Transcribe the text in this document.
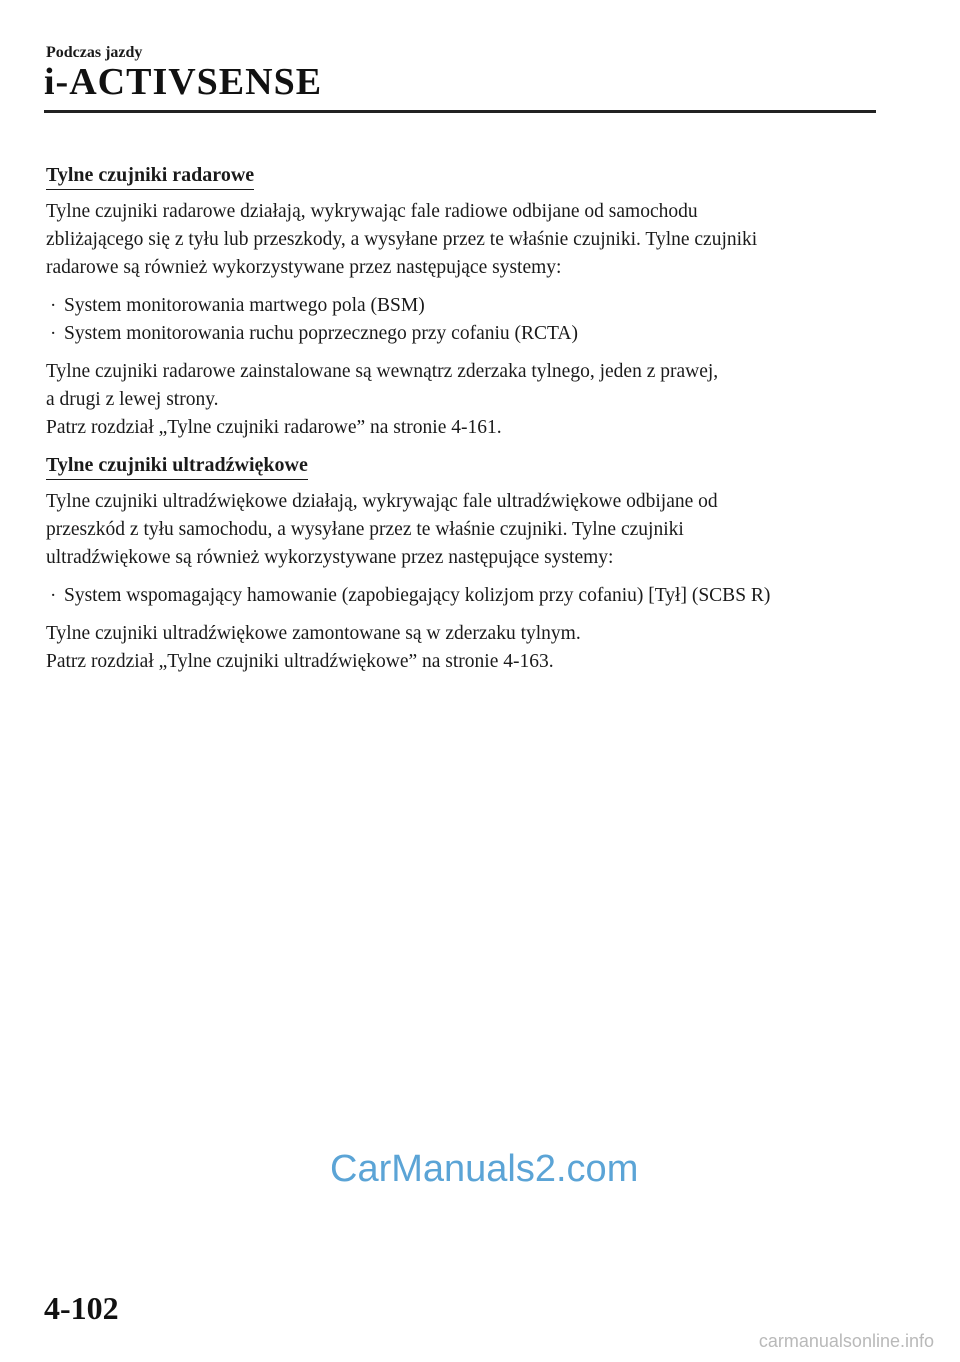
Podczas jazdy
i-ACTIVSENSE
Tylne czujniki radarowe

Tylne czujniki radarowe działają, wykrywając fale radiowe odbijane od samochodu
zbliżającego się z tyłu lub przeszkody, a wysyłane przez te właśnie czujniki. Tylne czujniki
radarowe są również wykorzystywane przez następujące systemy:

· System monitorowania martwego pola (BSM)
· System monitorowania ruchu poprzecznego przy cofaniu (RCTA)

Tylne czujniki radarowe zainstalowane są wewnątrz zderzaka tylnego, jeden z prawej,
a drugi z lewej strony.
Patrz rozdział „Tylne czujniki radarowe” na stronie 4-161.

Tylne czujniki ultradźwiękowe

Tylne czujniki ultradźwiękowe działają, wykrywając fale ultradźwiękowe odbijane od
przeszkód z tyłu samochodu, a wysyłane przez te właśnie czujniki. Tylne czujniki
ultradźwiękowe są również wykorzystywane przez następujące systemy:

· System wspomagający hamowanie (zapobiegający kolizjom przy cofaniu) [Tył] (SCBS R)

Tylne czujniki ultradźwiękowe zamontowane są w zderzaku tylnym.
Patrz rozdział „Tylne czujniki ultradźwiękowe” na stronie 4-163.

CarManuals2.com
4-102
carmanualsonline.info
